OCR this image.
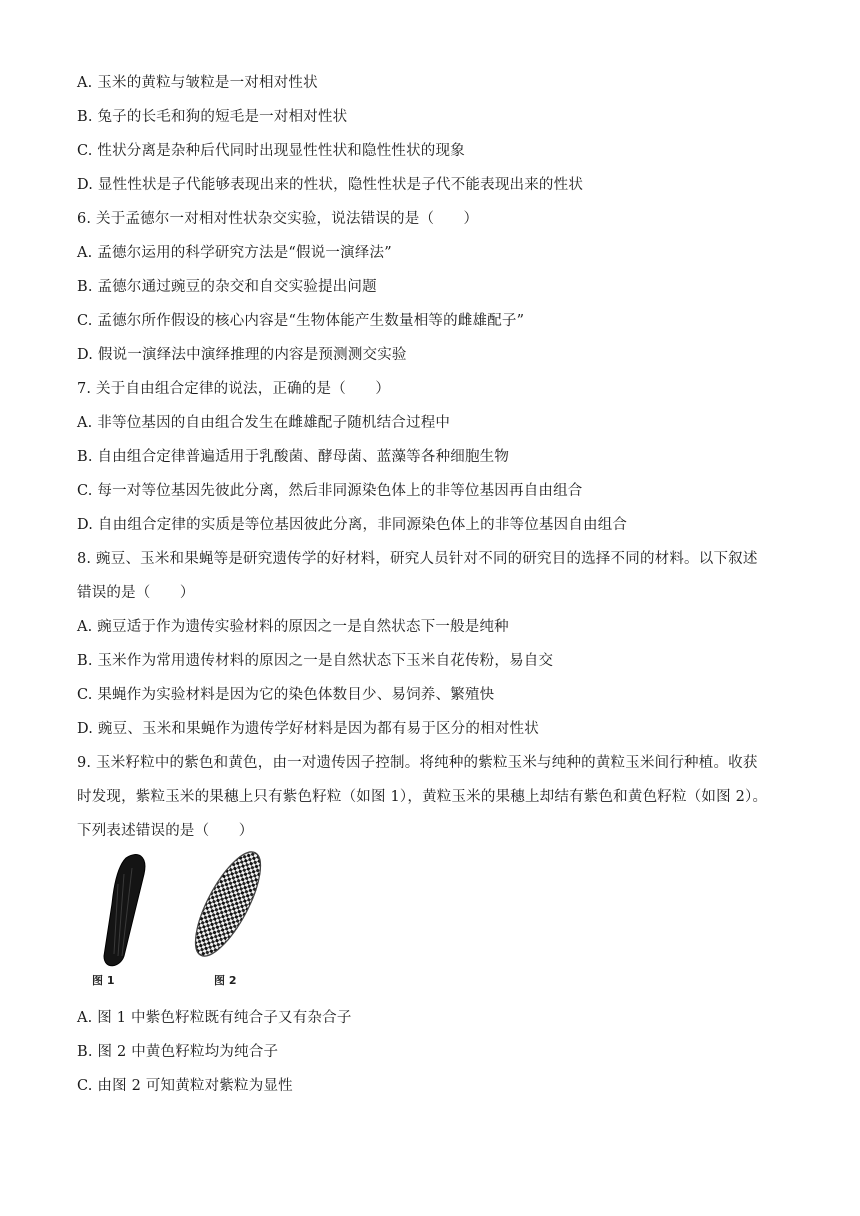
A. 玉米的黄粒与皱粒是一对相对性状
B. 兔子的长毛和狗的短毛是一对相对性状
C. 性状分离是杂种后代同时出现显性性状和隐性性状的现象
D. 显性性状是子代能够表现出来的性状，隐性性状是子代不能表现出来的性状
6. 关于孟德尔一对相对性状杂交实验，说法错误的是（　　）
A. 孟德尔运用的科学研究方法是“假说一演绎法”
B. 孟德尔通过豌豆的杂交和自交实验提出问题
C. 孟德尔所作假设的核心内容是“生物体能产生数量相等的雌雄配子”
D. 假说一演绎法中演绎推理的内容是预测测交实验
7. 关于自由组合定律的说法，正确的是（　　）
A. 非等位基因的自由组合发生在雌雄配子随机结合过程中
B. 自由组合定律普遍适用于乳酸菌、酵母菌、蓝藻等各种细胞生物
C. 每一对等位基因先彼此分离，然后非同源染色体上的非等位基因再自由组合
D. 自由组合定律的实质是等位基因彼此分离，非同源染色体上的非等位基因自由组合
8. 豌豆、玉米和果蝇等是研究遗传学的好材料，研究人员针对不同的研究目的选择不同的材料。以下叙述
错误的是（　　）
A. 豌豆适于作为遗传实验材料的原因之一是自然状态下一般是纯种
B. 玉米作为常用遗传材料的原因之一是自然状态下玉米自花传粉，易自交
C. 果蝇作为实验材料是因为它的染色体数目少、易饲养、繁殖快
D. 豌豆、玉米和果蝇作为遗传学好材料是因为都有易于区分的相对性状
9. 玉米籽粒中的紫色和黄色，由一对遗传因子控制。将纯种的紫粒玉米与纯种的黄粒玉米间行种植。收获
时发现，紫粒玉米的果穗上只有紫色籽粒（如图 1），黄粒玉米的果穗上却结有紫色和黄色籽粒（如图 2）。
下列表述错误的是（　　）
图 1	图 2
A. 图 1 中紫色籽粒既有纯合子又有杂合子
B. 图 2 中黄色籽粒均为纯合子
C. 由图 2 可知黄粒对紫粒为显性
